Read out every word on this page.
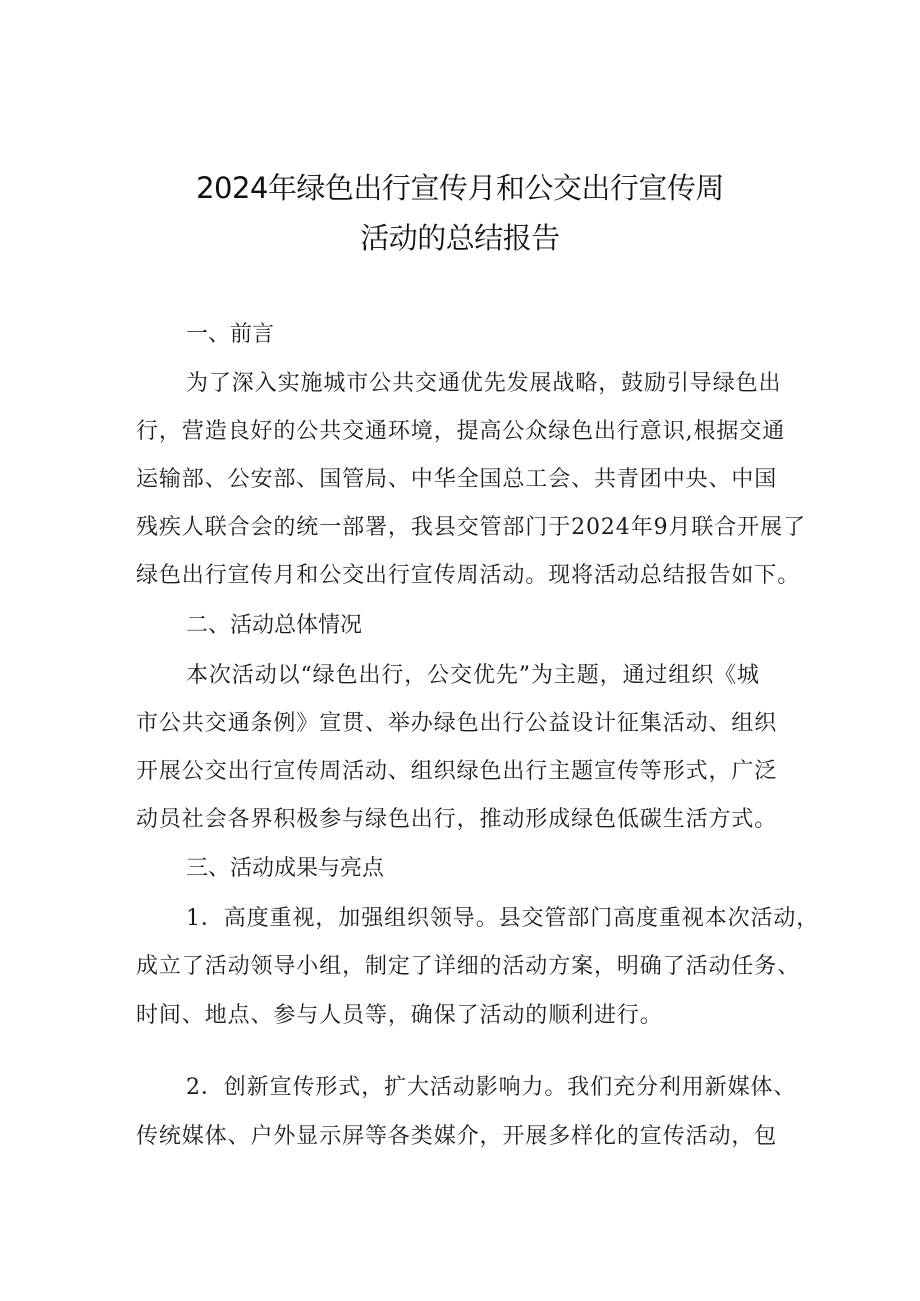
2024年绿色出行宣传月和公交出行宣传周
活动的总结报告

一、前言

为了深入实施城市公共交通优先发展战略，鼓励引导绿色出

行，营造良好的公共交通环境，提高公众绿色出行意识,根据交通

运输部、公安部、国管局、中华全国总工会、共青团中央、中国

残疾人联合会的统一部署，我县交管部门于2024年9月联合开展了

绿色出行宣传月和公交出行宣传周活动。现将活动总结报告如下。

二、活动总体情况

本次活动以“绿色出行，公交优先”为主题，通过组织《城

市公共交通条例》宣贯、举办绿色出行公益设计征集活动、组织

开展公交出行宣传周活动、组织绿色出行主题宣传等形式，广泛

动员社会各界积极参与绿色出行，推动形成绿色低碳生活方式。

三、活动成果与亮点

1．高度重视，加强组织领导。县交管部门高度重视本次活动，

成立了活动领导小组，制定了详细的活动方案，明确了活动任务、

时间、地点、参与人员等，确保了活动的顺利进行。

2．创新宣传形式，扩大活动影响力。我们充分利用新媒体、

传统媒体、户外显示屏等各类媒介，开展多样化的宣传活动，包
